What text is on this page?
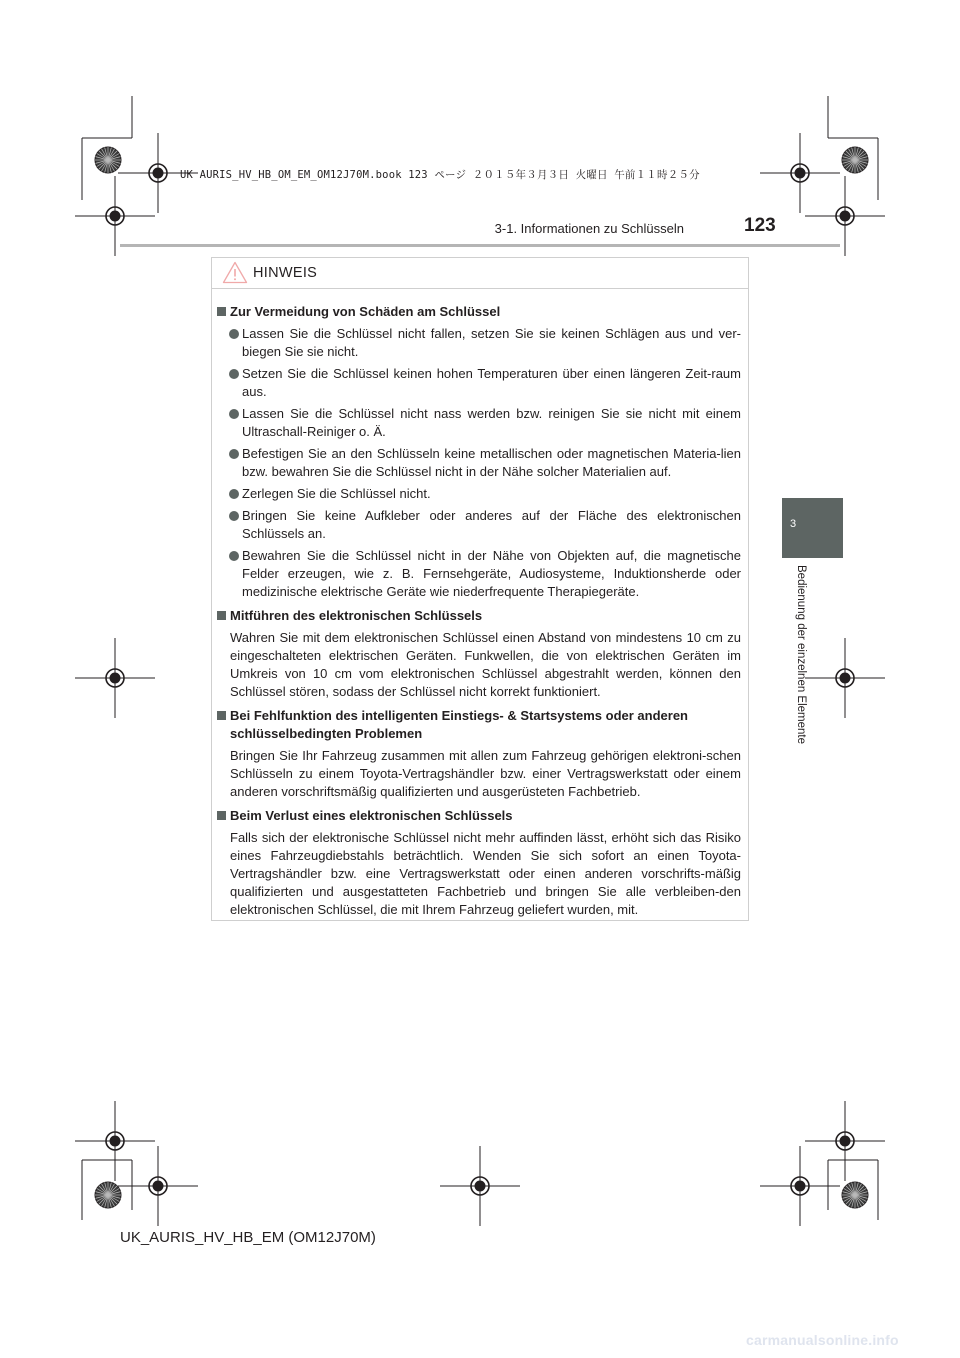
UK AURIS_HV_HB_OM_EM_OM12J70M.book 123 ページ ２０１５年３月３日 火曜日 午前１１時２５分
3-1. Informationen zu Schlüsseln	123
3
Bedienung der einzelnen Elemente
HINWEIS
Zur Vermeidung von Schäden am Schlüssel
Lassen Sie die Schlüssel nicht fallen, setzen Sie sie keinen Schlägen aus und ver-biegen Sie sie nicht.
Setzen Sie die Schlüssel keinen hohen Temperaturen über einen längeren Zeit-raum aus.
Lassen Sie die Schlüssel nicht nass werden bzw. reinigen Sie sie nicht mit einem Ultraschall-Reiniger o. Ä.
Befestigen Sie an den Schlüsseln keine metallischen oder magnetischen Materia-lien bzw. bewahren Sie die Schlüssel nicht in der Nähe solcher Materialien auf.
Zerlegen Sie die Schlüssel nicht.
Bringen Sie keine Aufkleber oder anderes auf der Fläche des elektronischen Schlüssels an.
Bewahren Sie die Schlüssel nicht in der Nähe von Objekten auf, die magnetische Felder erzeugen, wie z. B. Fernsehgeräte, Audiosysteme, Induktionsherde oder medizinische elektrische Geräte wie niederfrequente Therapiegeräte.
Mitführen des elektronischen Schlüssels
Wahren Sie mit dem elektronischen Schlüssel einen Abstand von mindestens 10 cm zu eingeschalteten elektrischen Geräten. Funkwellen, die von elektrischen Geräten im Umkreis von 10 cm vom elektronischen Schlüssel abgestrahlt werden, können den Schlüssel stören, sodass der Schlüssel nicht korrekt funktioniert.
Bei Fehlfunktion des intelligenten Einstiegs- & Startsystems oder anderen schlüsselbedingten Problemen
Bringen Sie Ihr Fahrzeug zusammen mit allen zum Fahrzeug gehörigen elektroni-schen Schlüsseln zu einem Toyota-Vertragshändler bzw. einer Vertragswerkstatt oder einem anderen vorschriftsmäßig qualifizierten und ausgerüsteten Fachbetrieb.
Beim Verlust eines elektronischen Schlüssels
Falls sich der elektronische Schlüssel nicht mehr auffinden lässt, erhöht sich das Risiko eines Fahrzeugdiebstahls beträchtlich. Wenden Sie sich sofort an einen Toyota-Vertragshändler bzw. eine Vertragswerkstatt oder einen anderen vorschrifts-mäßig qualifizierten und ausgestatteten Fachbetrieb und bringen Sie alle verbleiben-den elektronischen Schlüssel, die mit Ihrem Fahrzeug geliefert wurden, mit.
UK_AURIS_HV_HB_EM (OM12J70M)
carmanualsonline.info
